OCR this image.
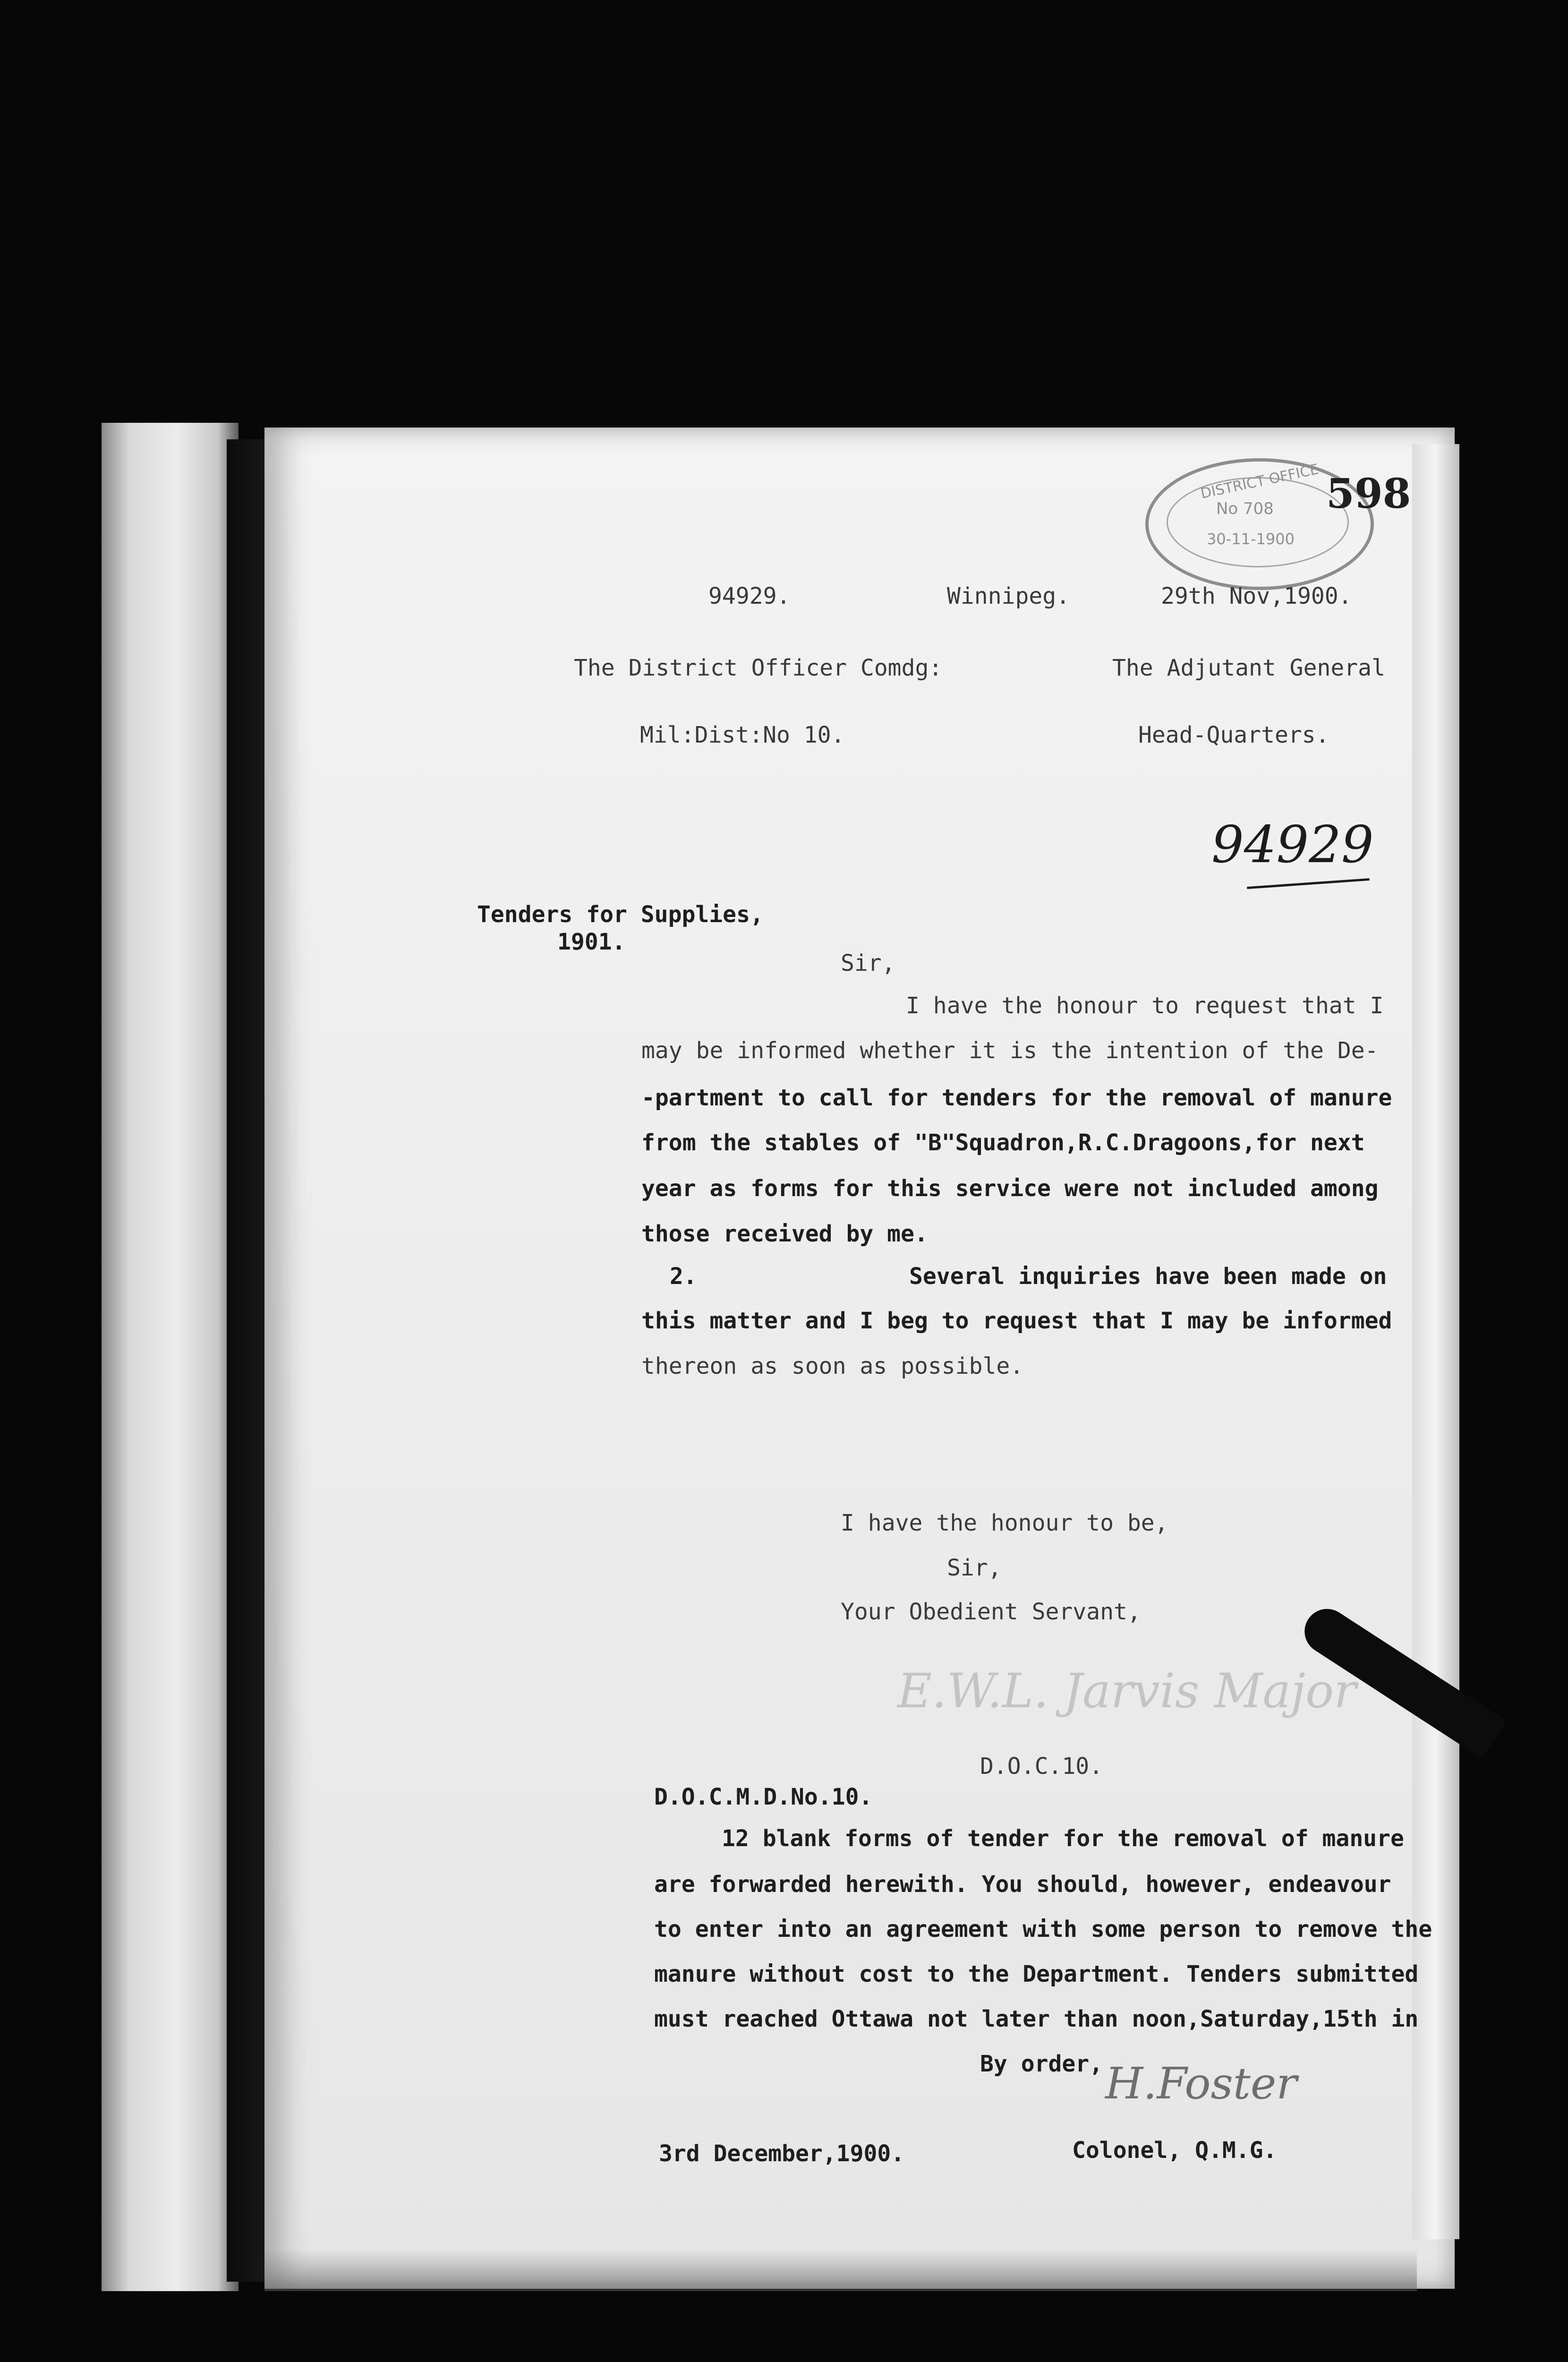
DISTRICT OFFICE
No 708
30-11-1900
598
94929.	Winnipeg.	29th Nov,1900.
The District Officer Comdg:
Mil:Dist:No 10.
The Adjutant General
Head-Quarters.
94929
Tenders for Supplies,
1901.
Sir,
I have the honour to request that I
may be informed whether it is the intention of the De-
-partment to call for tenders for the removal of manure
from the stables of "B"Squadron,R.C.Dragoons,for next
year as forms for this service were not included among
those received by me.
2.	Several inquiries have been made on
this matter and I beg to request that I may be informed
thereon as soon as possible.
I have the honour to be,
Sir,
Your Obedient Servant,
E.W.L. Jarvis Major
D.O.C.10.
D.O.C.M.D.No.10.
12 blank forms of tender for the removal of manure
are forwarded herewith. You should, however, endeavour
to enter into an agreement with some person to remove the
manure without cost to the Department. Tenders submitted
must reached Ottawa not later than noon,Saturday,15th in
By order, H.Foster
3rd December,1900.	Colonel, Q.M.G.
